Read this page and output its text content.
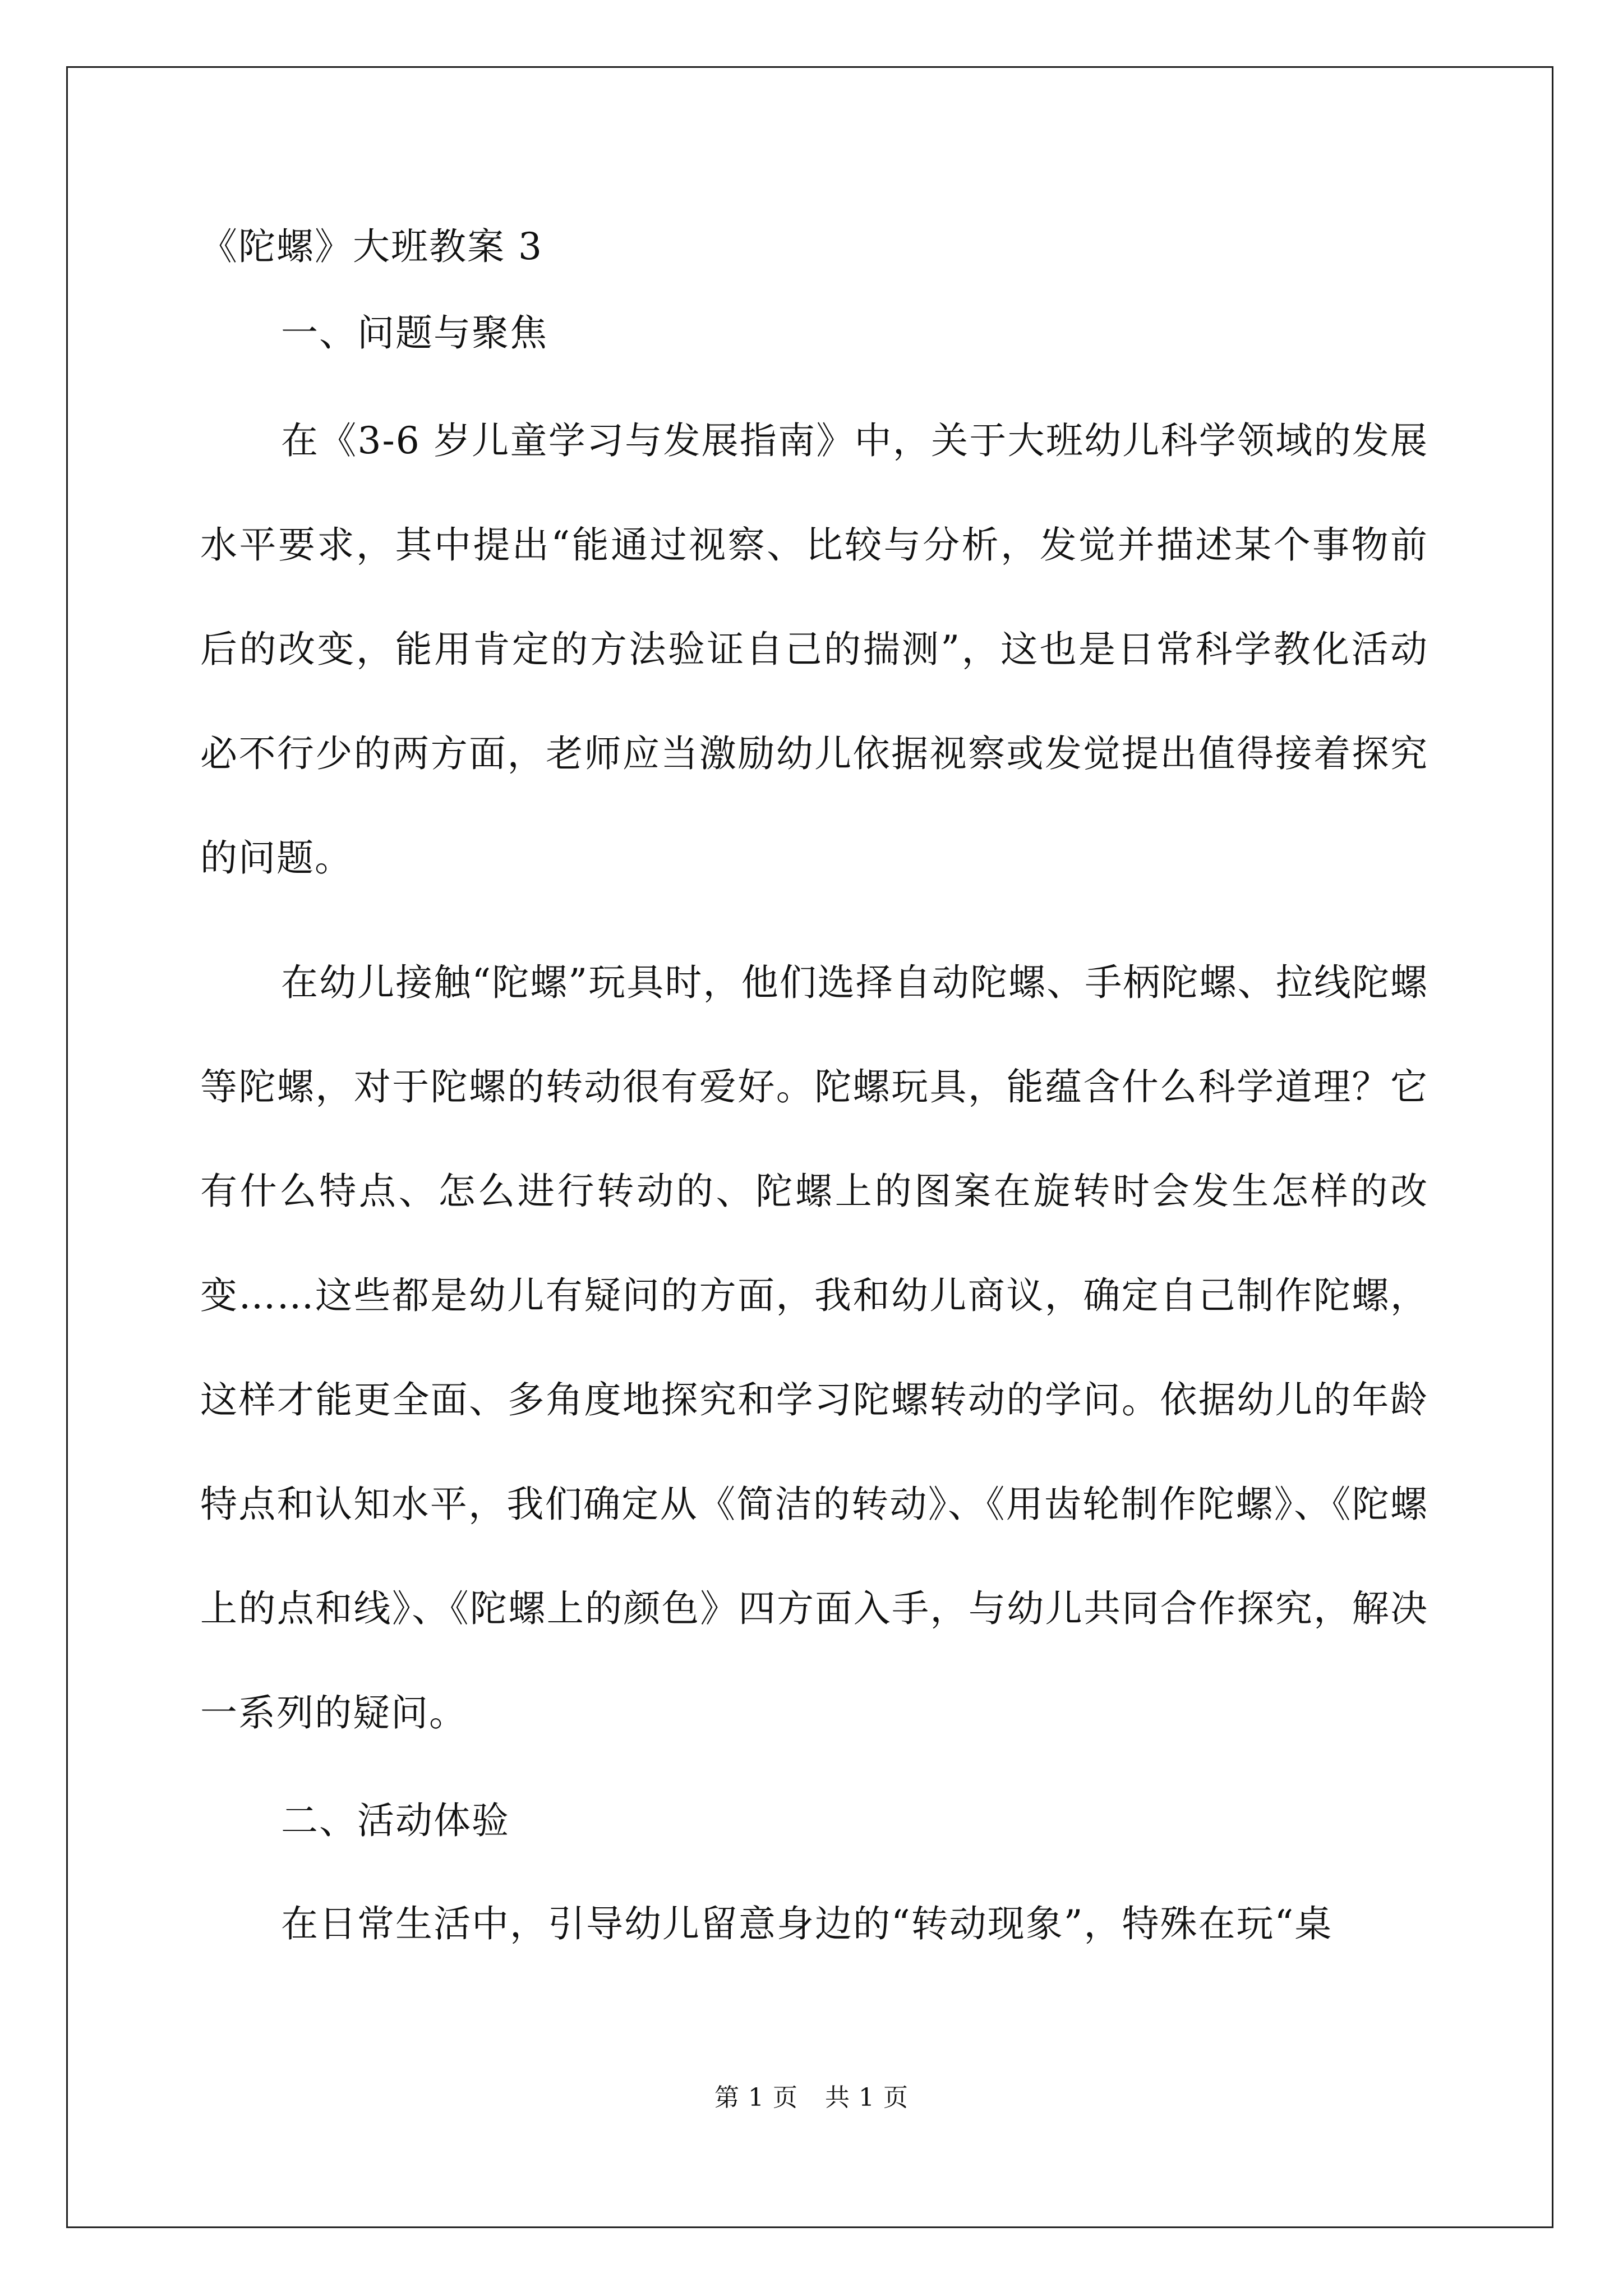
《陀螺》大班教案 3
一、问题与聚焦

在《3-6 岁儿童学习与发展指南》中，关于大班幼儿科学领域的发展水平要求，其中提出“能通过视察、比较与分析，发觉并描述某个事物前后的改变，能用肯定的方法验证自己的揣测”，这也是日常科学教化活动必不行少的两方面，老师应当激励幼儿依据视察或发觉提出值得接着探究的问题。

在幼儿接触“陀螺”玩具时，他们选择自动陀螺、手柄陀螺、拉线陀螺等陀螺，对于陀螺的转动很有爱好。陀螺玩具，能蕴含什么科学道理？它有什么特点、怎么进行转动的、陀螺上的图案在旋转时会发生怎样的改变……这些都是幼儿有疑问的方面，我和幼儿商议，确定自己制作陀螺，这样才能更全面、多角度地探究和学习陀螺转动的学问。依据幼儿的年龄特点和认知水平，我们确定从《简洁的转动》、《用齿轮制作陀螺》、《陀螺上的点和线》、《陀螺上的颜色》四方面入手，与幼儿共同合作探究，解决一系列的疑问。

二、活动体验

在日常生活中，引导幼儿留意身边的“转动现象”，特殊在玩“桌

第 1 页 共 1 页
